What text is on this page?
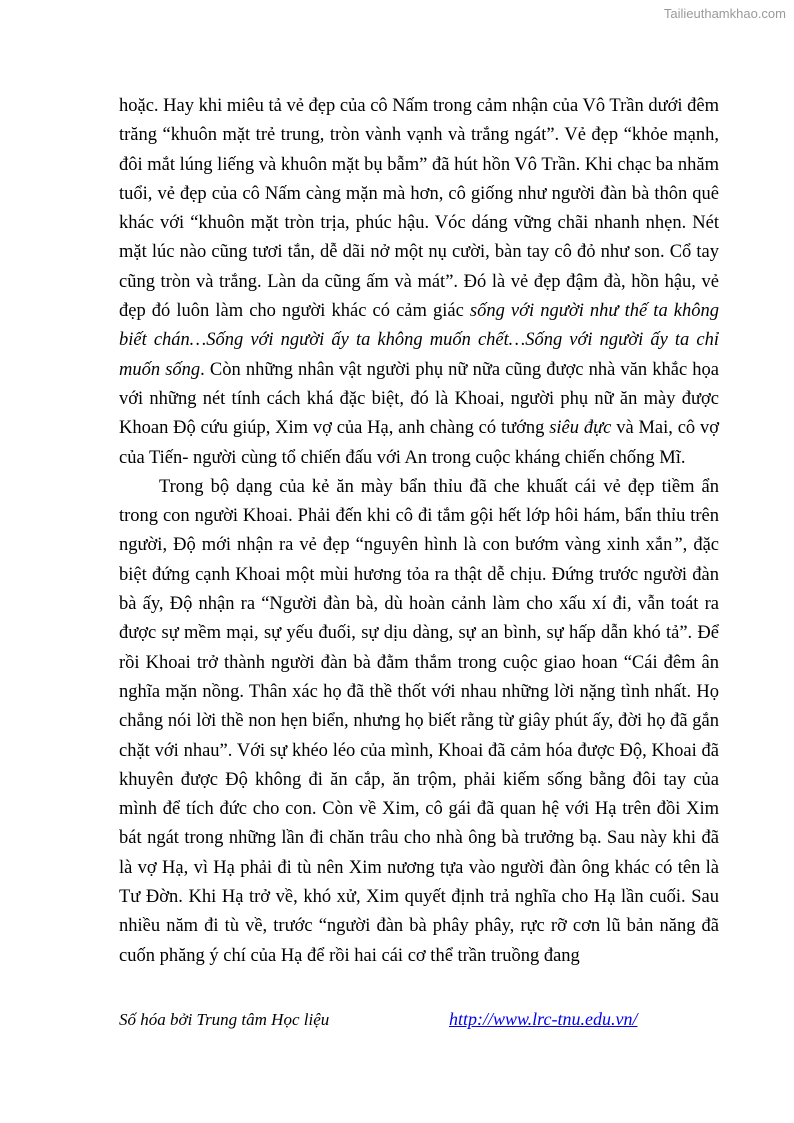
Tailieuthamkhao.com

hoặc. Hay khi miêu tả vẻ đẹp của cô Nấm trong cảm nhận của Vô Trần dưới đêm trăng “khuôn mặt trẻ trung, tròn vành vạnh và trắng ngát”. Vẻ đẹp “khỏe mạnh, đôi mắt lúng liếng và khuôn mặt bụ bẫm” đã hút hồn Vô Trần. Khi chạc ba nhăm tuổi, vẻ đẹp của cô Nấm càng mặn mà hơn, cô giống như người đàn bà thôn quê khác với “khuôn mặt tròn trịa, phúc hậu. Vóc dáng vững chãi nhanh nhẹn. Nét mặt lúc nào cũng tươi tắn, dễ dãi nở một nụ cười, bàn tay cô đỏ như son. Cổ tay cũng tròn và trắng. Làn da cũng ấm và mát”. Đó là vẻ đẹp đậm đà, hồn hậu, vẻ đẹp đó luôn làm cho người khác có cảm giác sống với người như thế ta không biết chán…Sống với người ấy ta không muốn chết…Sống với người ấy ta chỉ muốn sống. Còn những nhân vật người phụ nữ nữa cũng được nhà văn khắc họa với những nét tính cách khá đặc biệt, đó là Khoai, người phụ nữ ăn mày được Khoan Độ cứu giúp, Xim vợ của Hạ, anh chàng có tướng siêu đực và Mai, cô vợ của Tiến- người cùng tổ chiến đấu với An trong cuộc kháng chiến chống Mĩ.

Trong bộ dạng của kẻ ăn mày bẩn thỉu đã che khuất cái vẻ đẹp tiềm ẩn trong con người Khoai. Phải đến khi cô đi tắm gội hết lớp hôi hám, bẩn thỉu trên người, Độ mới nhận ra vẻ đẹp “nguyên hình là con bướm vàng xinh xắn”, đặc biệt đứng cạnh Khoai một mùi hương tỏa ra thật dễ chịu. Đứng trước người đàn bà ấy, Độ nhận ra “Người đàn bà, dù hoàn cảnh làm cho xấu xí đi, vẫn toát ra được sự mềm mại, sự yếu đuối, sự dịu dàng, sự an bình, sự hấp dẫn khó tả”. Để rồi Khoai trở thành người đàn bà đằm thắm trong cuộc giao hoan “Cái đêm ân nghĩa mặn nồng. Thân xác họ đã thề thốt với nhau những lời nặng tình nhất. Họ chẳng nói lời thề non hẹn biển, nhưng họ biết rằng từ giây phút ấy, đời họ đã gắn chặt với nhau”. Với sự khéo léo của mình, Khoai đã cảm hóa được Độ, Khoai đã khuyên được Độ không đi ăn cắp, ăn trộm, phải kiếm sống bằng đôi tay của mình để tích đức cho con. Còn về Xim, cô gái đã quan hệ với Hạ trên đồi Xim bát ngát trong những lần đi chăn trâu cho nhà ông bà trưởng bạ. Sau này khi đã là vợ Hạ, vì Hạ phải đi tù nên Xim nương tựa vào người đàn ông khác có tên là Tư Đờn. Khi Hạ trở về, khó xử, Xim quyết định trả nghĩa cho Hạ lần cuối. Sau nhiều năm đi tù về, trước “người đàn bà phây phây, rực rỡ cơn lũ bản năng đã cuốn phăng ý chí của Hạ để rồi hai cái cơ thể trần truồng đang

Số hóa bởi Trung tâm Học liệu	http://www.lrc-tnu.edu.vn/
